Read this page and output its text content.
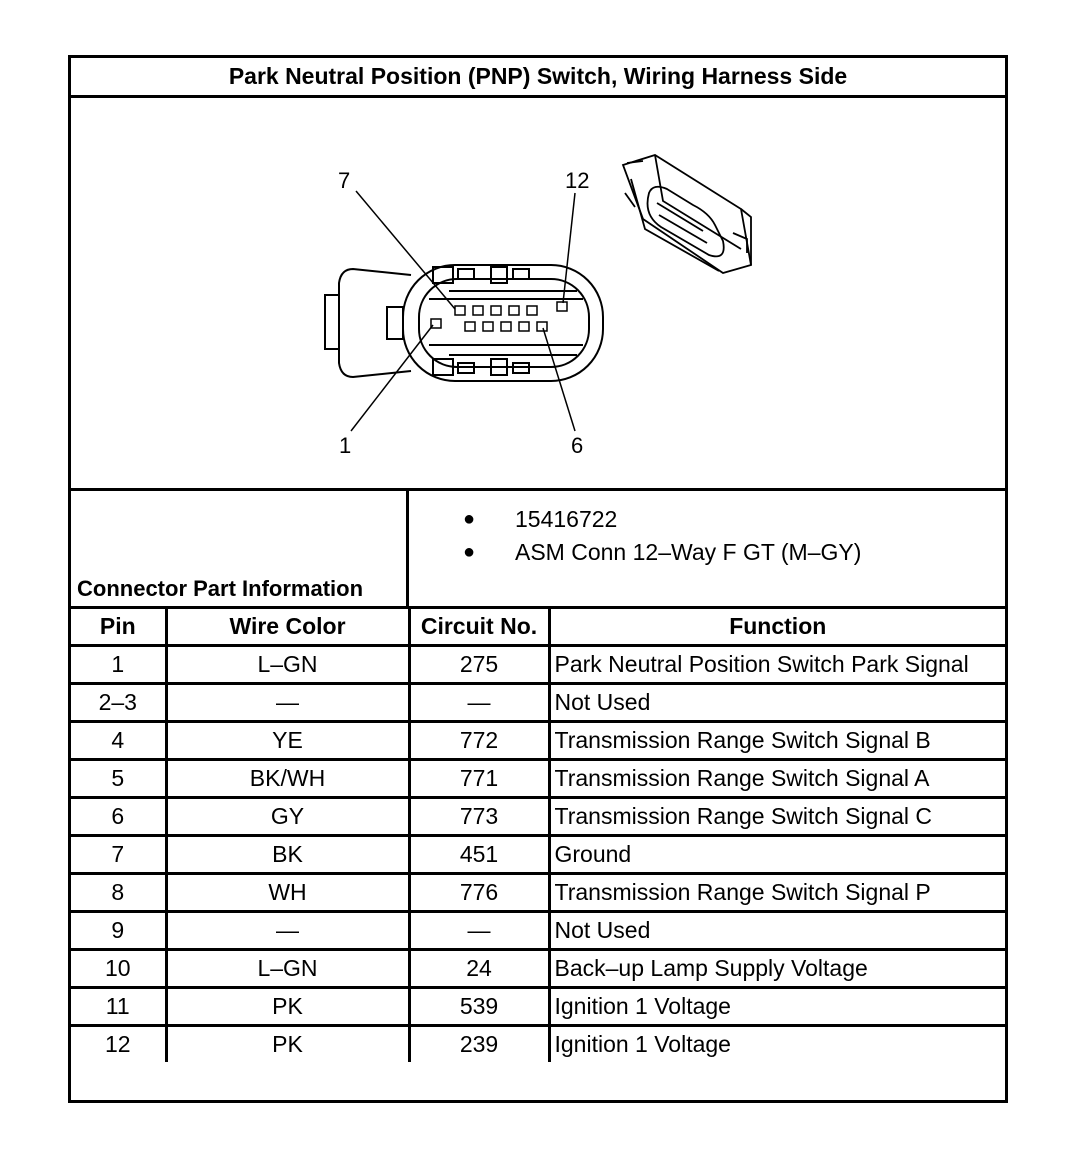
Park Neutral Position (PNP) Switch, Wiring Harness Side
7	12
1	6
Connector Part Information
● 15416722
● ASM Conn 12–Way F GT (M–GY)
Pin	Wire Color	Circuit No.	Function
1	L–GN	275	Park Neutral Position Switch Park Signal
2–3	—	—	Not Used
4	YE	772	Transmission Range Switch Signal B
5	BK/WH	771	Transmission Range Switch Signal A
6	GY	773	Transmission Range Switch Signal C
7	BK	451	Ground
8	WH	776	Transmission Range Switch Signal P
9	—	—	Not Used
10	L–GN	24	Back–up Lamp Supply Voltage
11	PK	539	Ignition 1 Voltage
12	PK	239	Ignition 1 Voltage
